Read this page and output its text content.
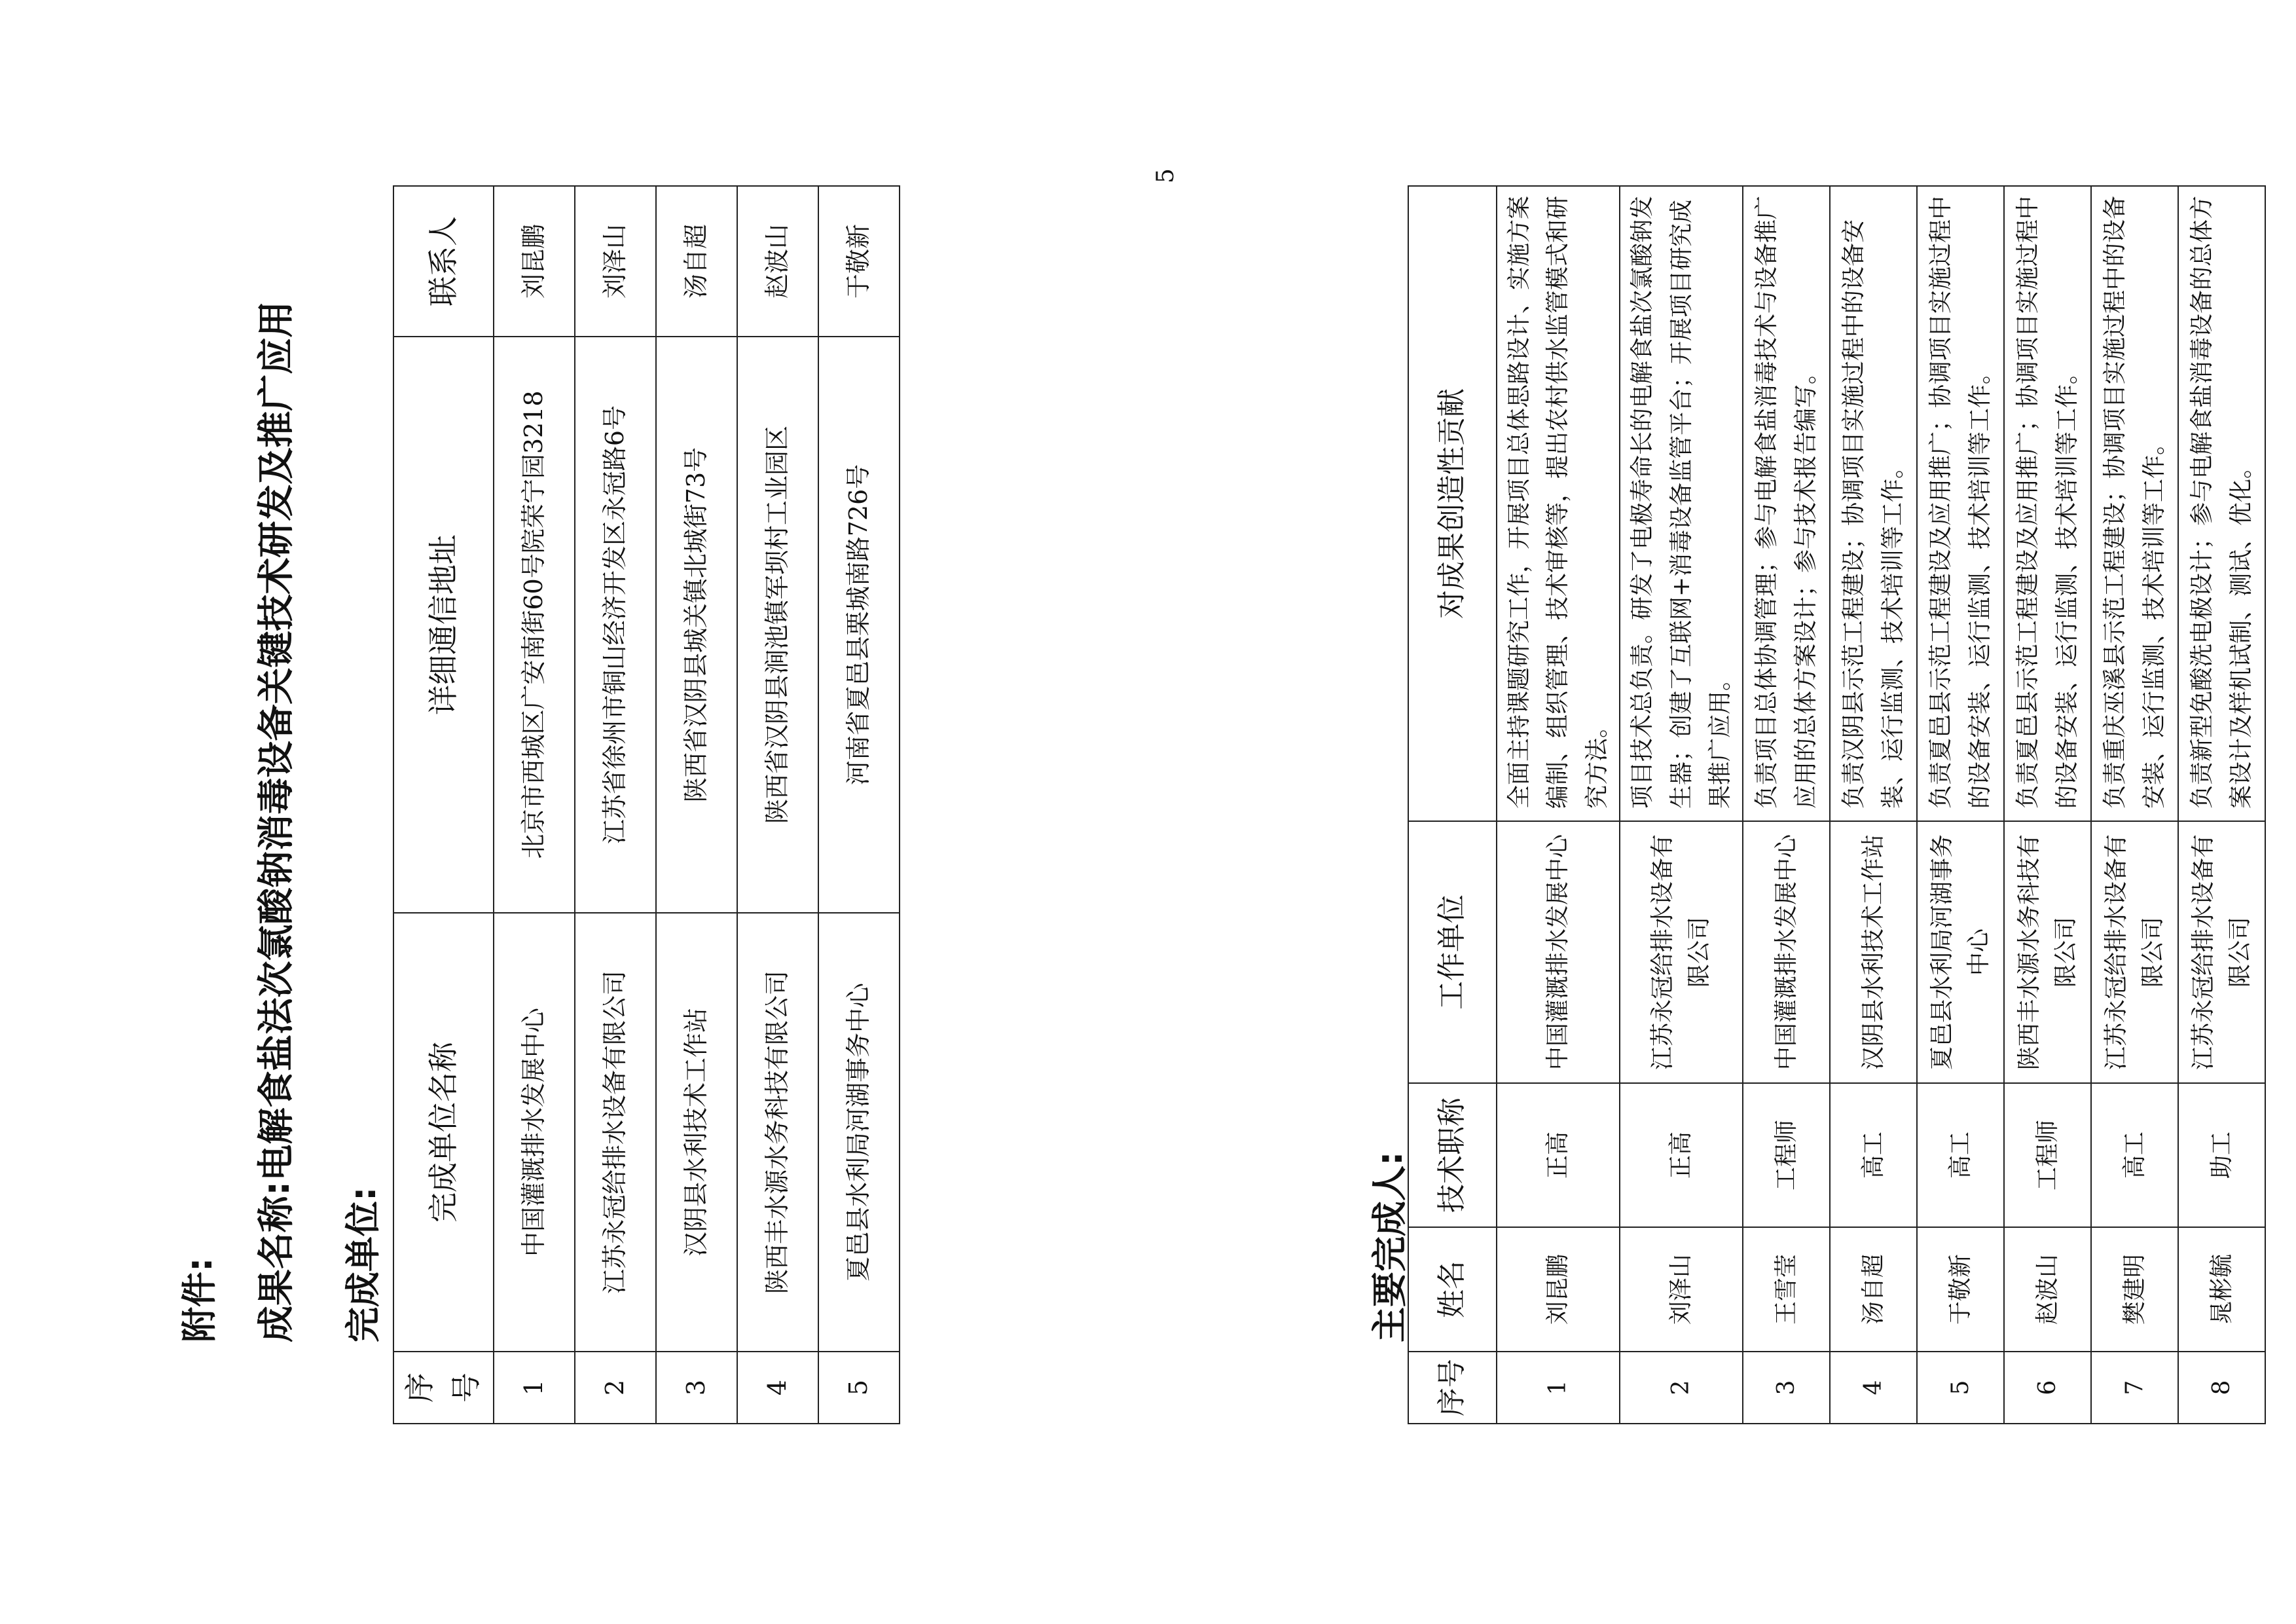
附件: 成果名称:电解食盐法次氯酸钠消毒设备关键技术研发及推广应用
完成单位:
序号	完成单位名称	详细通信地址	联系人
1	中国灌溉排水发展中心	北京市西城区广安南街60号院荣宁园3218	刘昆鹏
2	江苏永冠给排水设备有限公司	江苏省徐州市铜山经济开发区永冠路6号	刘泽山
3	汉阴县水利技术工作站	陕西省汉阴县城关镇北城街73号	汤自超
4	陕西丰水源水务科技有限公司	陕西省汉阴县涧池镇军坝村工业园区	赵波山
5	夏邑县水利局河湖事务中心	河南省夏邑县栗城南路726号	于敬新
主要完成人:
序号	姓名	技术职称	工作单位	对成果创造性贡献
1	刘昆鹏	正高	中国灌溉排水发展中心	全面主持课题研究工作，开展项目总体思路设计、实施方案编制、组织管理、技术审核等，提出农村供水监管模式和研究方法。
2	刘泽山	正高	江苏永冠给排水设备有限公司	项目技术总负责。研发了电极寿命长的电解食盐次氯酸钠发生器；创建了互联网+消毒设备监管平台；开展项目研究成果推广应用。
3	王雪莹	工程师	中国灌溉排水发展中心	负责项目总体协调管理；参与电解食盐消毒技术与设备推广应用的总体方案设计；参与技术报告编写。
4	汤自超	高工	汉阴县水利技术工作站	负责汉阴县示范工程建设；协调项目实施过程中的设备安装、运行监测、技术培训等工作。
5	于敬新	高工	夏邑县水利局河湖事务中心	负责夏邑县示范工程建设及应用推广；协调项目实施过程中的设备安装、运行监测、技术培训等工作。
6	赵波山	工程师	陕西丰水源水务科技有限公司	负责夏邑县示范工程建设及应用推广；协调项目实施过程中的设备安装、运行监测、技术培训等工作。
7	樊建明	高工	江苏永冠给排水设备有限公司	负责重庆巫溪县示范工程建设；协调项目实施过程中的设备安装、运行监测、技术培训等工作。
8	晁彬毓	助工	江苏永冠给排水设备有限公司	负责新型免酸洗电极设计；参与电解食盐消毒设备的总体方案设计及样机试制、测试、优化。
5
